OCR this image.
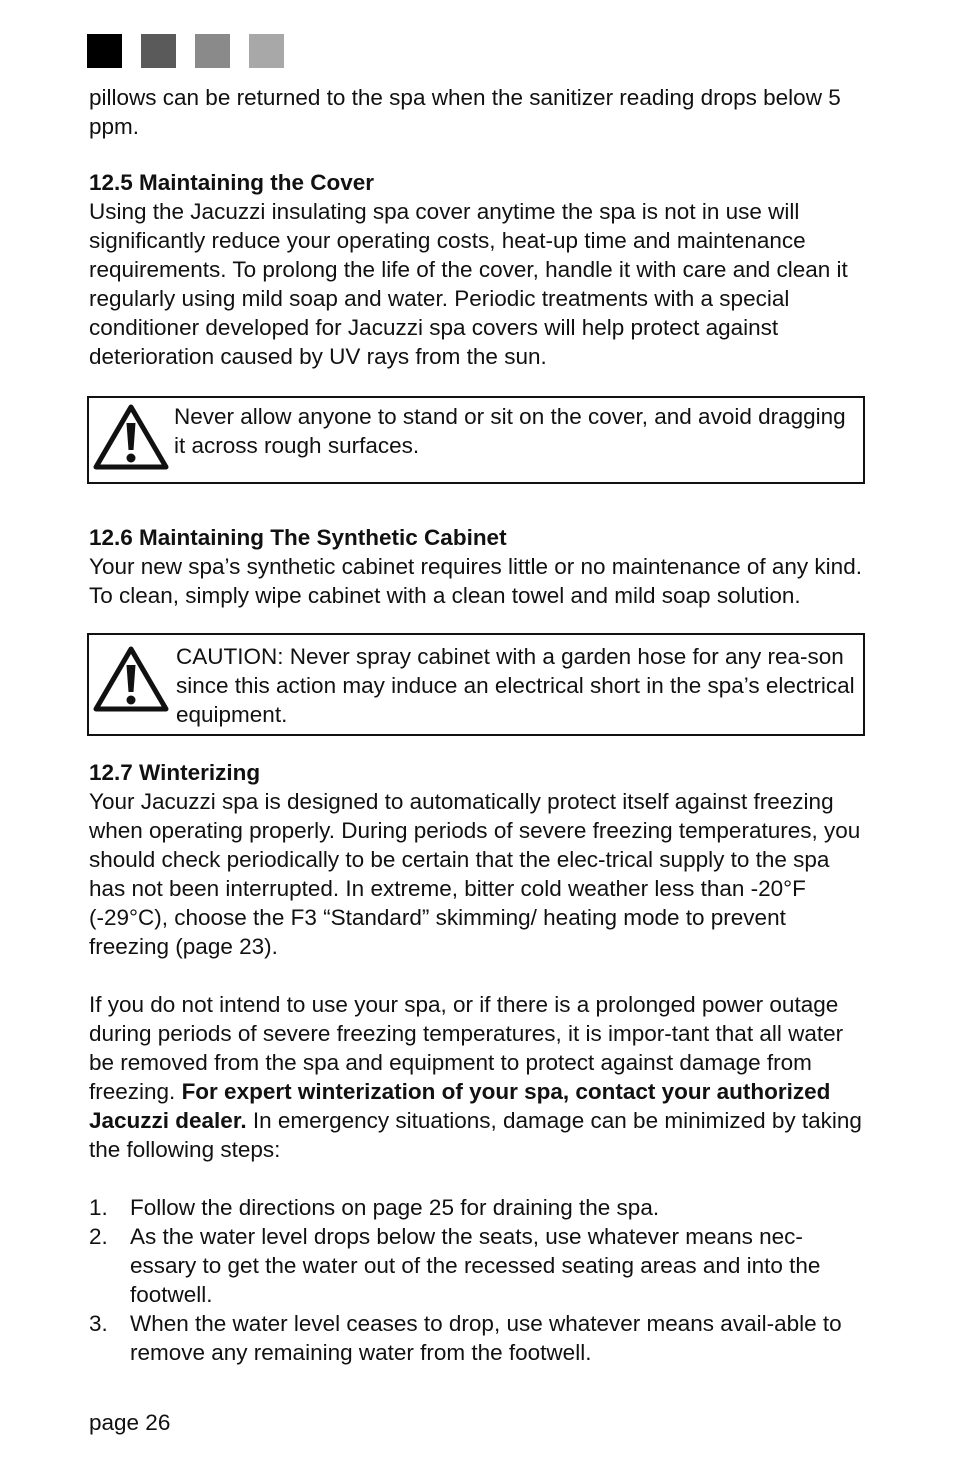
pillows can be returned to the spa when the sanitizer reading drops below 5 ppm.

12.5 Maintaining the Cover

Using the Jacuzzi insulating spa cover anytime the spa is not in use will significantly reduce your operating costs, heat-up time and maintenance requirements. To prolong the life of the cover, handle it with care and clean it regularly using mild soap and water. Periodic treatments with a special conditioner developed for Jacuzzi spa covers will help protect against deterioration caused by UV rays from the sun.

Never allow anyone to stand or sit on the cover, and avoid dragging it across rough surfaces.

12.6 Maintaining The Synthetic Cabinet

Your new spa’s synthetic cabinet requires little or no maintenance of any kind. To clean, simply wipe cabinet with a clean towel and mild soap solution.

CAUTION: Never spray cabinet with a garden hose for any rea-son since this action may induce an electrical short in the spa’s electrical equipment.

12.7 Winterizing

Your Jacuzzi spa is designed to automatically protect itself against freezing when operating properly. During periods of severe freezing temperatures, you should check periodically to be certain that the elec-trical supply to the spa has not been interrupted. In extreme, bitter cold weather less than -20°F (-29°C), choose the F3 “Standard” skimming/ heating mode to prevent freezing (page 23).

If you do not intend to use your spa, or if there is a prolonged power outage during periods of severe freezing temperatures, it is impor-tant that all water be removed from the spa and equipment to protect against damage from freezing. For expert winterization of your spa, contact your authorized Jacuzzi dealer. In emergency situations, damage can be minimized by taking the following steps:

1. Follow the directions on page 25 for draining the spa.
2. As the water level drops below the seats, use whatever means nec-essary to get the water out of the recessed seating areas and into the footwell.
3. When the water level ceases to drop, use whatever means avail-able to remove any remaining water from the footwell.
page 26
